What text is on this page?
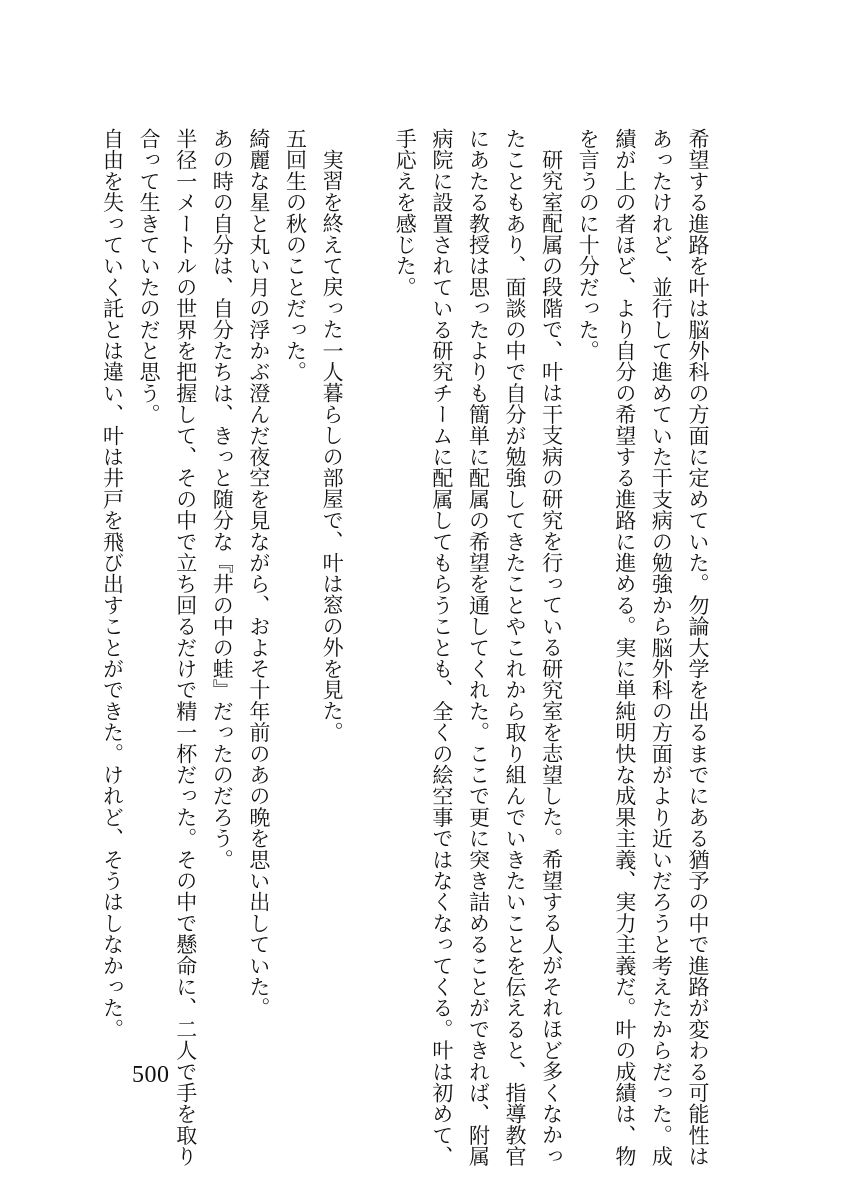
希望する進路を叶は脳外科の方面に定めていた。勿論大学を出るまでにある猶予の中で進路が変わる可能性は
あったけれど、並行して進めていた干支病の勉強から脳外科の方面がより近いだろうと考えたからだった。成
績が上の者ほど、より自分の希望する進路に進める。実に単純明快な成果主義、実力主義だ。叶の成績は、物
を言うのに十分だった。
研究室配属の段階で、叶は干支病の研究を行っている研究室を志望した。希望する人がそれほど多くなかっ
たこともあり、面談の中で自分が勉強してきたことやこれから取り組んでいきたいことを伝えると、指導教官
にあたる教授は思ったよりも簡単に配属の希望を通してくれた。ここで更に突き詰めることができれば、附属
病院に設置されている研究チームに配属してもらうことも、全くの絵空事ではなくなってくる。叶は初めて、
手応えを感じた。
実習を終えて戻った一人暮らしの部屋で、叶は窓の外を見た。
五回生の秋のことだった。
綺麗な星と丸い月の浮かぶ澄んだ夜空を見ながら、およそ十年前のあの晩を思い出していた。
あの時の自分は、自分たちは、きっと随分な『井の中の蛙』だったのだろう。
半径一メートルの世界を把握して、その中で立ち回るだけで精一杯だった。その中で懸命に、二人で手を取り
合って生きていたのだと思う。
自由を失っていく託とは違い、叶は井戸を飛び出すことができた。けれど、そうはしなかった。
500
